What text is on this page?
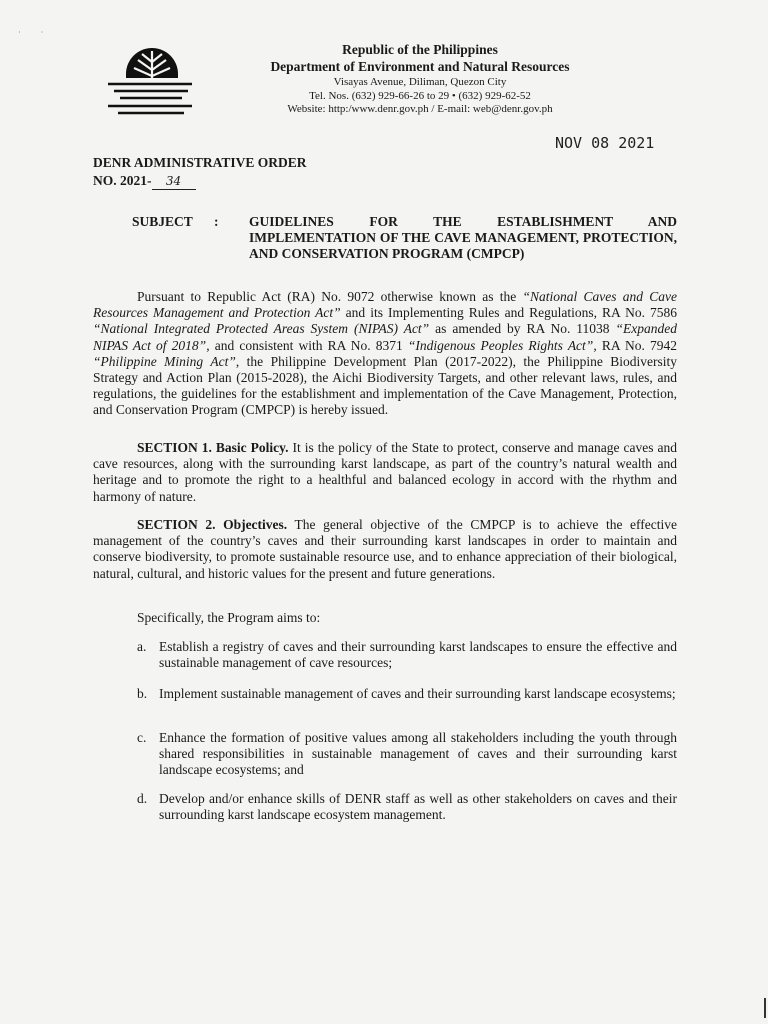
·          ·
Republic of the Philippines
Department of Environment and Natural Resources
Visayas Avenue, Diliman, Quezon City
Tel. Nos. (632) 929-66-26 to 29 • (632) 929-62-52
Website: http:/www.denr.gov.ph / E-mail: web@denr.gov.ph
NOV 08 2021
DENR ADMINISTRATIVE ORDER
NO. 2021- 34
SUBJECT : GUIDELINES FOR THE ESTABLISHMENT AND IMPLEMENTATION OF THE CAVE MANAGEMENT, PROTECTION, AND CONSERVATION PROGRAM (CMPCP)
Pursuant to Republic Act (RA) No. 9072 otherwise known as the “National Caves and Cave Resources Management and Protection Act” and its Implementing Rules and Regulations, RA No. 7586 “National Integrated Protected Areas System (NIPAS) Act” as amended by RA No. 11038 “Expanded NIPAS Act of 2018”, and consistent with RA No. 8371 “Indigenous Peoples Rights Act”, RA No. 7942 “Philippine Mining Act”, the Philippine Development Plan (2017-2022), the Philippine Biodiversity Strategy and Action Plan (2015-2028), the Aichi Biodiversity Targets, and other relevant laws, rules, and regulations, the guidelines for the establishment and implementation of the Cave Management, Protection, and Conservation Program (CMPCP) is hereby issued.
SECTION 1. Basic Policy. It is the policy of the State to protect, conserve and manage caves and cave resources, along with the surrounding karst landscape, as part of the country’s natural wealth and heritage and to promote the right to a healthful and balanced ecology in accord with the rhythm and harmony of nature.
SECTION 2. Objectives. The general objective of the CMPCP is to achieve the effective management of the country’s caves and their surrounding karst landscapes in order to maintain and conserve biodiversity, to promote sustainable resource use, and to enhance appreciation of their biological, natural, cultural, and historic values for the present and future generations.
Specifically, the Program aims to:
a. Establish a registry of caves and their surrounding karst landscapes to ensure the effective and sustainable management of cave resources;
b. Implement sustainable management of caves and their surrounding karst landscape ecosystems;
c. Enhance the formation of positive values among all stakeholders including the youth through shared responsibilities in sustainable management of caves and their surrounding karst landscape ecosystems; and
d. Develop and/or enhance skills of DENR staff as well as other stakeholders on caves and their surrounding karst landscape ecosystem management.
